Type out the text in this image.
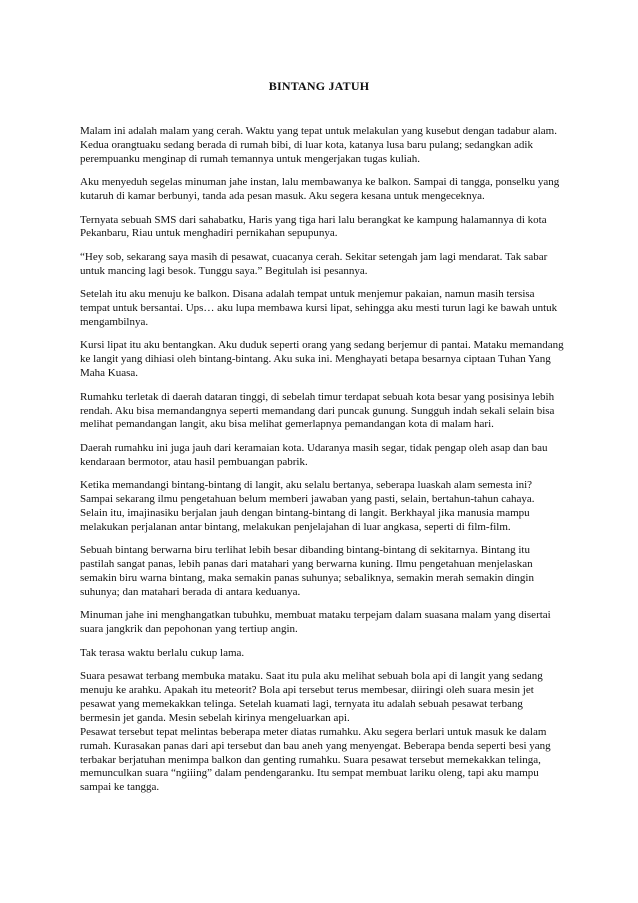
BINTANG JATUH

Malam ini adalah malam yang cerah. Waktu yang tepat untuk melakulan yang kusebut dengan tadabur alam. Kedua orangtuaku sedang berada di rumah bibi, di luar kota, katanya lusa baru pulang; sedangkan adik perempuanku menginap di rumah temannya untuk mengerjakan tugas kuliah.

Aku menyeduh segelas minuman jahe instan, lalu membawanya ke balkon. Sampai di tangga, ponselku yang kutaruh di kamar berbunyi, tanda ada pesan masuk. Aku segera kesana untuk mengeceknya.

Ternyata sebuah SMS dari sahabatku, Haris yang tiga hari lalu berangkat ke kampung halamannya di kota Pekanbaru, Riau untuk menghadiri pernikahan sepupunya.

“Hey sob, sekarang saya masih di pesawat, cuacanya cerah. Sekitar setengah jam lagi mendarat. Tak sabar untuk mancing lagi besok. Tunggu saya.” Begitulah isi pesannya.

Setelah itu aku menuju ke balkon. Disana adalah tempat untuk menjemur pakaian, namun masih tersisa tempat untuk bersantai. Ups… aku lupa membawa kursi lipat, sehingga aku mesti turun lagi ke bawah untuk mengambilnya.

Kursi lipat itu aku bentangkan. Aku duduk seperti orang yang sedang berjemur di pantai. Mataku memandang ke langit yang dihiasi oleh bintang-bintang. Aku suka ini. Menghayati betapa besarnya ciptaan Tuhan Yang Maha Kuasa.

Rumahku terletak di daerah dataran tinggi, di sebelah timur terdapat sebuah kota besar yang posisinya lebih rendah. Aku bisa memandangnya seperti memandang dari puncak gunung. Sungguh indah sekali selain bisa melihat pemandangan langit, aku bisa melihat gemerlapnya pemandangan kota di malam hari.

Daerah rumahku ini juga jauh dari keramaian kota. Udaranya masih segar, tidak pengap oleh asap dan bau kendaraan bermotor, atau hasil pembuangan pabrik.

Ketika memandangi bintang-bintang di langit, aku selalu bertanya, seberapa luaskah alam semesta ini? Sampai sekarang ilmu pengetahuan belum memberi jawaban yang pasti, selain, bertahun-tahun cahaya. Selain itu, imajinasiku berjalan jauh dengan bintang-bintang di langit. Berkhayal jika manusia mampu melakukan perjalanan antar bintang, melakukan penjelajahan di luar angkasa, seperti di film-film.

Sebuah bintang berwarna biru terlihat lebih besar dibanding bintang-bintang di sekitarnya. Bintang itu pastilah sangat panas, lebih panas dari matahari yang berwarna kuning. Ilmu pengetahuan menjelaskan semakin biru warna bintang, maka semakin panas suhunya; sebaliknya, semakin merah semakin dingin suhunya; dan matahari berada di antara keduanya.

Minuman jahe ini menghangatkan tubuhku, membuat mataku terpejam dalam suasana malam yang disertai suara jangkrik dan pepohonan yang tertiup angin.

Tak terasa waktu berlalu cukup lama.

Suara pesawat terbang membuka mataku. Saat itu pula aku melihat sebuah bola api di langit yang sedang menuju ke arahku. Apakah itu meteorit? Bola api tersebut terus membesar, diiringi oleh suara mesin jet pesawat yang memekakkan telinga. Setelah kuamati lagi, ternyata itu adalah sebuah pesawat terbang bermesin jet ganda. Mesin sebelah kirinya mengeluarkan api.

Pesawat tersebut tepat melintas beberapa meter diatas rumahku. Aku segera berlari untuk masuk ke dalam rumah. Kurasakan panas dari api tersebut dan bau aneh yang menyengat. Beberapa benda seperti besi yang terbakar berjatuhan menimpa balkon dan genting rumahku. Suara pesawat tersebut memekakkan telinga, memunculkan suara “ngiiing” dalam pendengaranku. Itu sempat membuat lariku oleng, tapi aku mampu sampai ke tangga.
